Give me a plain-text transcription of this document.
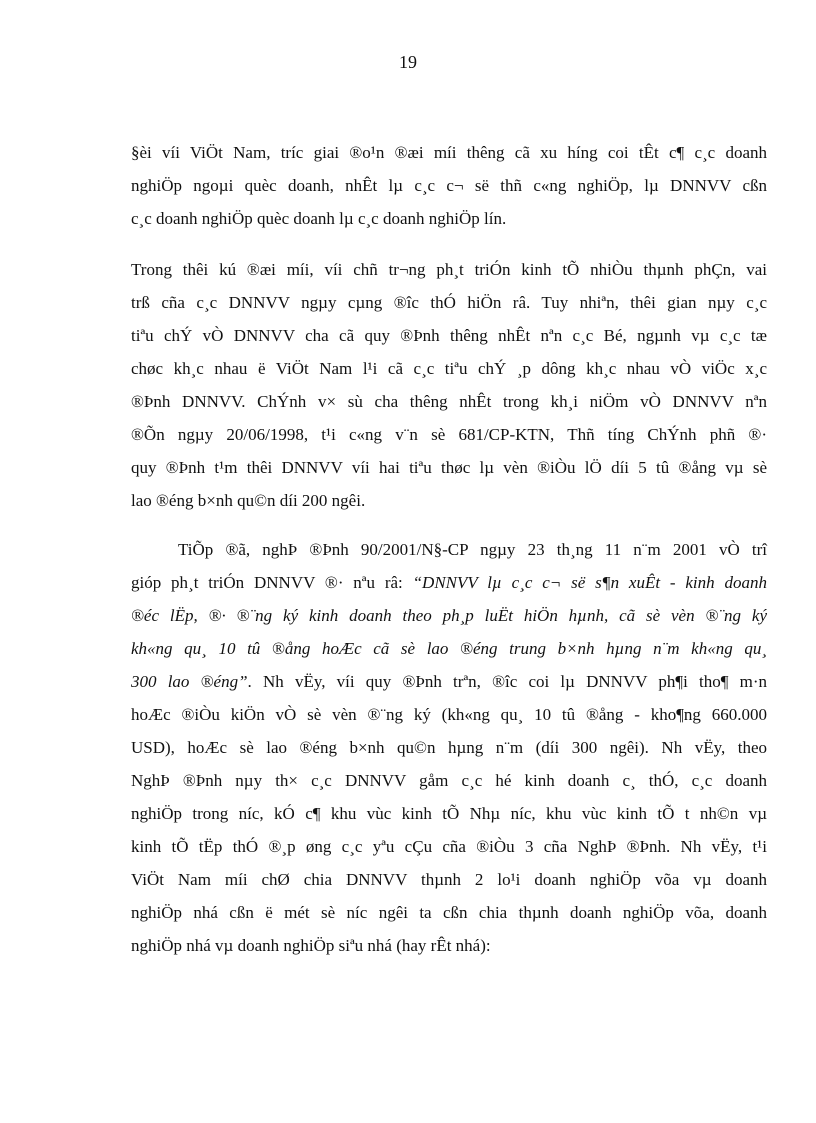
19
§èi víi ViÖt Nam, tríc giai ®o¹n ®æi míi thêng cã xu híng coi tÊt c¶ c¸c doanh
nghiÖp ngoµi quèc doanh, nhÊt lµ c¸c c¬ së thñ c«ng nghiÖp, lµ DNNVV cßn
c¸c doanh nghiÖp quèc doanh lµ c¸c doanh nghiÖp lín.
Trong thêi kú ®æi míi, víi chñ tr¬ng ph¸t triÓn kinh tÕ nhiÒu thµnh phÇn, vai
trß cña c¸c DNNVV ngµy cµng ®îc thÓ hiÖn râ. Tuy nhiªn, thêi gian nµy c¸c
tiªu chÝ vÒ DNNVV cha cã quy ®Þnh thêng nhÊt nªn c¸c Bé, ngµnh vµ c¸c tæ
chøc kh¸c nhau ë ViÖt Nam l¹i cã c¸c tiªu chÝ ¸p dông kh¸c nhau vÒ viÖc x¸c
®Þnh DNNVV. ChÝnh v× sù cha thêng nhÊt trong kh¸i niÖm vÒ DNNVV nªn
®Õn ngµy 20/06/1998, t¹i c«ng v¨n sè 681/CP-KTN, Thñ tíng ChÝnh phñ ®·
quy ®Þnh t¹m thêi DNNVV víi hai tiªu thøc lµ vèn ®iÒu lÖ díi 5 tû ®ång vµ sè
lao ®éng b×nh qu©n díi 200 ngêi.
TiÕp ®ã, nghÞ ®Þnh 90/2001/N§-CP ngµy 23 th¸ng 11 n¨m 2001 vÒ trî
gióp ph¸t triÓn DNNVV ®· nªu râ: “DNNVV lµ c¸c c¬ së s¶n xuÊt - kinh doanh
®éc lËp, ®· ®¨ng ký kinh doanh theo ph¸p luËt hiÖn hµnh, cã sè vèn ®¨ng ký
kh«ng qu¸ 10 tû ®ång hoÆc cã sè lao ®éng trung b×nh hµng n¨m kh«ng qu¸
300 lao ®éng”. Nh vËy, víi quy ®Þnh trªn, ®îc coi lµ DNNVV ph¶i tho¶ m·n
hoÆc ®iÒu kiÖn vÒ sè vèn ®¨ng ký (kh«ng qu¸ 10 tû ®ång - kho¶ng 660.000
USD), hoÆc sè lao ®éng b×nh qu©n hµng n¨m (díi 300 ngêi). Nh vËy, theo
NghÞ ®Þnh nµy th× c¸c DNNVV gåm c¸c hé kinh doanh c¸ thÓ, c¸c doanh
nghiÖp trong níc, kÓ c¶ khu vùc kinh tÕ Nhµ níc, khu vùc kinh tÕ t nh©n vµ
kinh tÕ tËp thÓ ®¸p øng c¸c yªu cÇu cña ®iÒu 3 cña NghÞ ®Þnh. Nh vËy, t¹i
ViÖt Nam míi chØ chia DNNVV thµnh 2 lo¹i doanh nghiÖp võa vµ doanh
nghiÖp nhá cßn ë mét sè níc ngêi ta cßn chia thµnh doanh nghiÖp võa, doanh
nghiÖp nhá vµ doanh nghiÖp siªu nhá (hay rÊt nhá):
